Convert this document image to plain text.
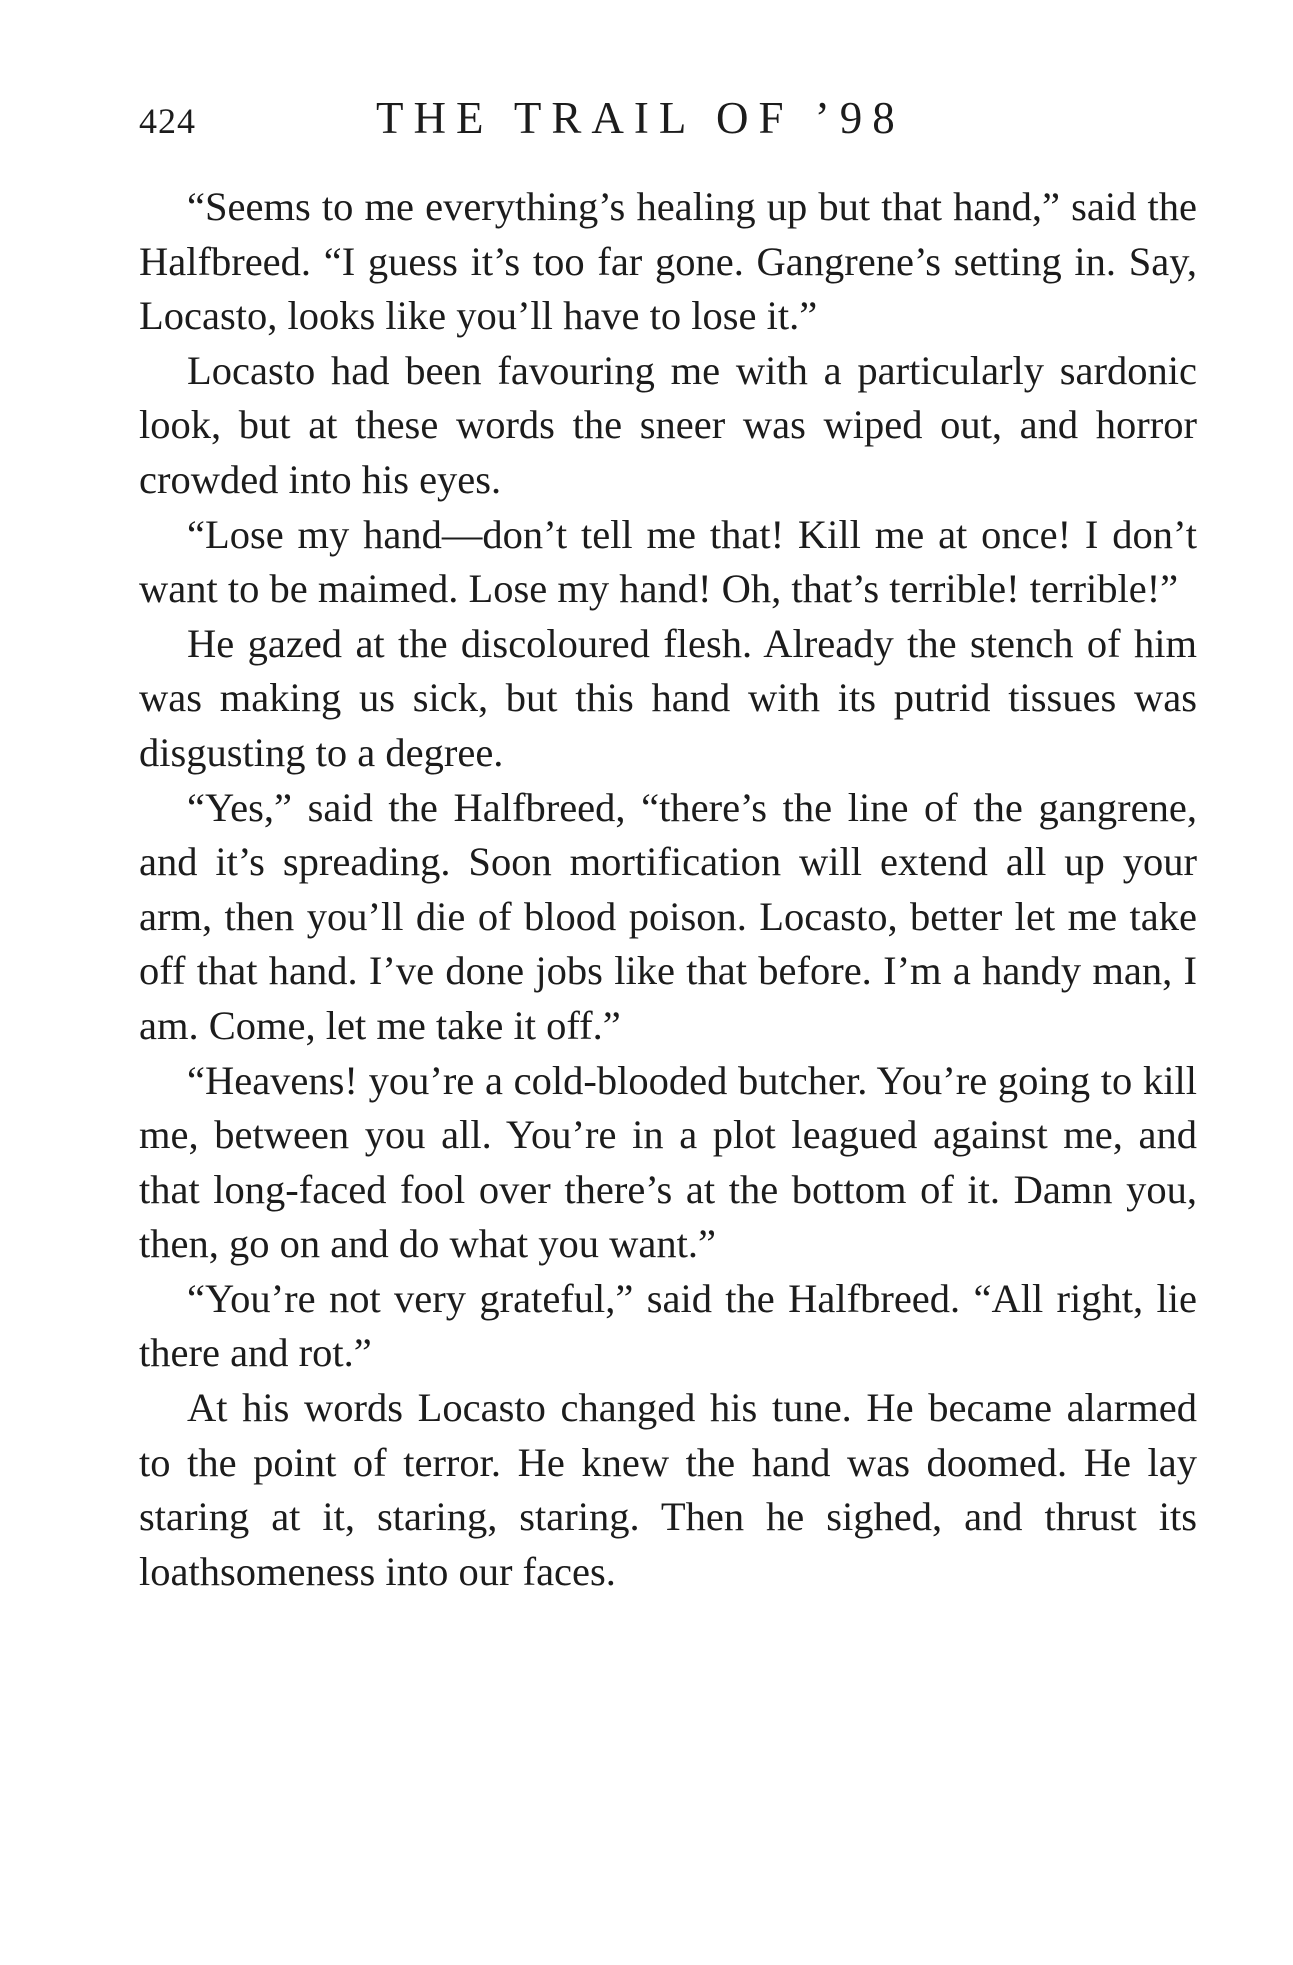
424	THE TRAIL OF ’98

“Seems to me everything’s healing up but that hand,” said the Halfbreed. “I guess it’s too far gone. Gangrene’s setting in. Say, Locasto, looks like you’ll have to lose it.”

Locasto had been favouring me with a particularly sardonic look, but at these words the sneer was wiped out, and horror crowded into his eyes.

“Lose my hand—don’t tell me that! Kill me at once! I don’t want to be maimed. Lose my hand! Oh, that’s terrible! terrible!”

He gazed at the discoloured flesh. Already the stench of him was making us sick, but this hand with its putrid tissues was disgusting to a degree.

“Yes,” said the Halfbreed, “there’s the line of the gangrene, and it’s spreading. Soon mortification will extend all up your arm, then you’ll die of blood poison. Locasto, better let me take off that hand. I’ve done jobs like that before. I’m a handy man, I am. Come, let me take it off.”

“Heavens! you’re a cold-blooded butcher. You’re going to kill me, between you all. You’re in a plot leagued against me, and that long-faced fool over there’s at the bottom of it. Damn you, then, go on and do what you want.”

“You’re not very grateful,” said the Halfbreed. “All right, lie there and rot.”

At his words Locasto changed his tune. He became alarmed to the point of terror. He knew the hand was doomed. He lay staring at it, staring, staring. Then he sighed, and thrust its loathsomeness into our faces.
